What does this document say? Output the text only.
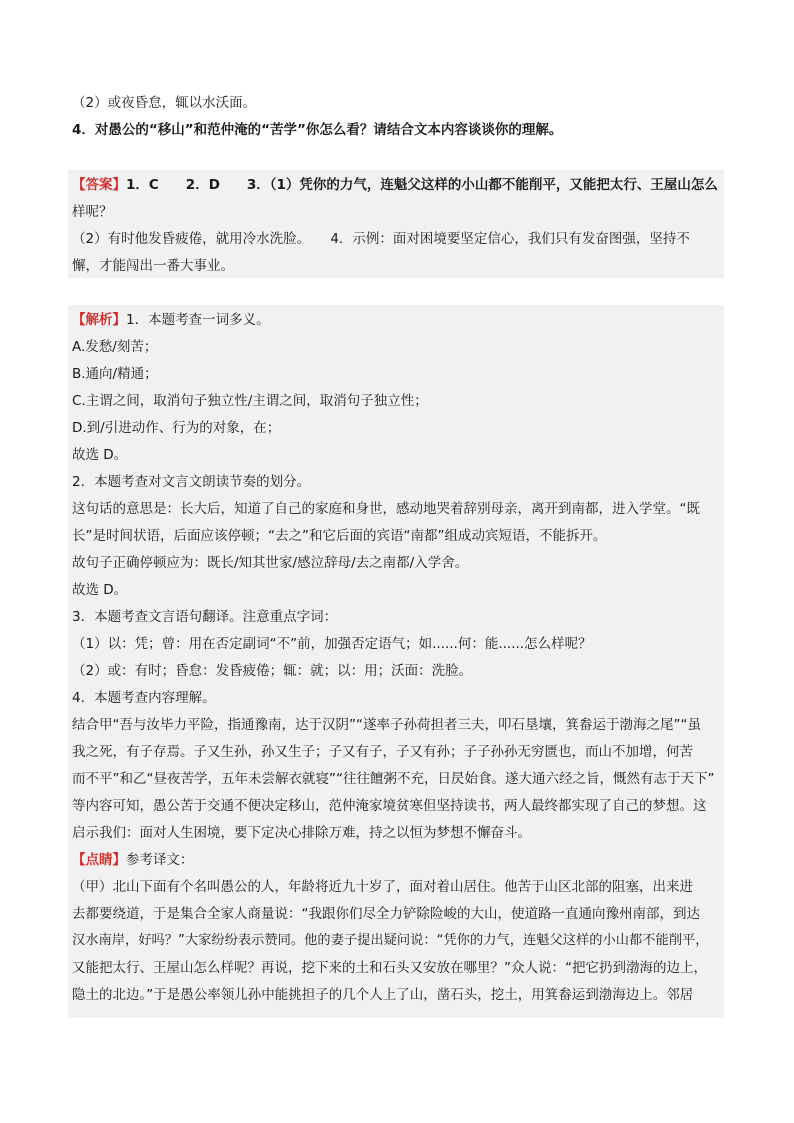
（2）或夜昏怠，辄以水沃面。
4．对愚公的“移山”和范仲淹的“苦学”你怎么看？请结合文本内容谈谈你的理解。
【答案】1．C　　2．D　　3．（1）凭你的力气，连魁父这样的小山都不能削平，又能把太行、王屋山怎么
样呢？
（2）有时他发昏疲倦，就用冷水洗脸。　　4．示例：面对困境要坚定信心，我们只有发奋图强，坚持不
懈，才能闯出一番大事业。
【解析】1．本题考查一词多义。
A.发愁/刻苦；
B.通向/精通；
C.主谓之间，取消句子独立性/主谓之间，取消句子独立性；
D.到/引进动作、行为的对象，在；
故选 D。
2．本题考查对文言文朗读节奏的划分。
这句话的意思是：长大后，知道了自己的家庭和身世，感动地哭着辞别母亲，离开到南都，进入学堂。“既
长”是时间状语，后面应该停顿；“去之”和它后面的宾语“南都”组成动宾短语，不能拆开。
故句子正确停顿应为：既长/知其世家/感泣辞母/去之南都/入学舍。
故选 D。
3．本题考查文言语句翻译。注意重点字词：
（1）以：凭；曾：用在否定副词“不”前，加强否定语气；如......何：能......怎么样呢？
（2）或：有时；昏怠：发昏疲倦；辄：就；以：用；沃面：洗脸。
4．本题考查内容理解。
结合甲“吾与汝毕力平险，指通豫南，达于汉阴”“遂率子孙荷担者三夫，叩石垦壤，箕畚运于渤海之尾”“虽
我之死，有子存焉。子又生孙，孙又生子；子又有子，子又有孙；子子孙孙无穷匮也，而山不加增，何苦
而不平”和乙“昼夜苦学，五年未尝解衣就寝”“往往饘粥不充，日昃始食。遂大通六经之旨，慨然有志于天下”
等内容可知，愚公苦于交通不便决定移山，范仲淹家境贫寒但坚持读书，两人最终都实现了自己的梦想。这
启示我们：面对人生困境，要下定决心排除万难，持之以恒为梦想不懈奋斗。
【点睛】参考译文：
（甲）北山下面有个名叫愚公的人，年龄将近九十岁了，面对着山居住。他苦于山区北部的阻塞，出来进
去都要绕道，于是集合全家人商量说：“我跟你们尽全力铲除险峻的大山，使道路一直通向豫州南部，到达
汉水南岸，好吗？”大家纷纷表示赞同。他的妻子提出疑问说：“凭你的力气，连魁父这样的小山都不能削平，
又能把太行、王屋山怎么样呢？再说，挖下来的土和石头又安放在哪里？”众人说：“把它扔到渤海的边上，
隐土的北边。”于是愚公率领儿孙中能挑担子的几个人上了山，凿石头，挖土，用箕畚运到渤海边上。邻居
